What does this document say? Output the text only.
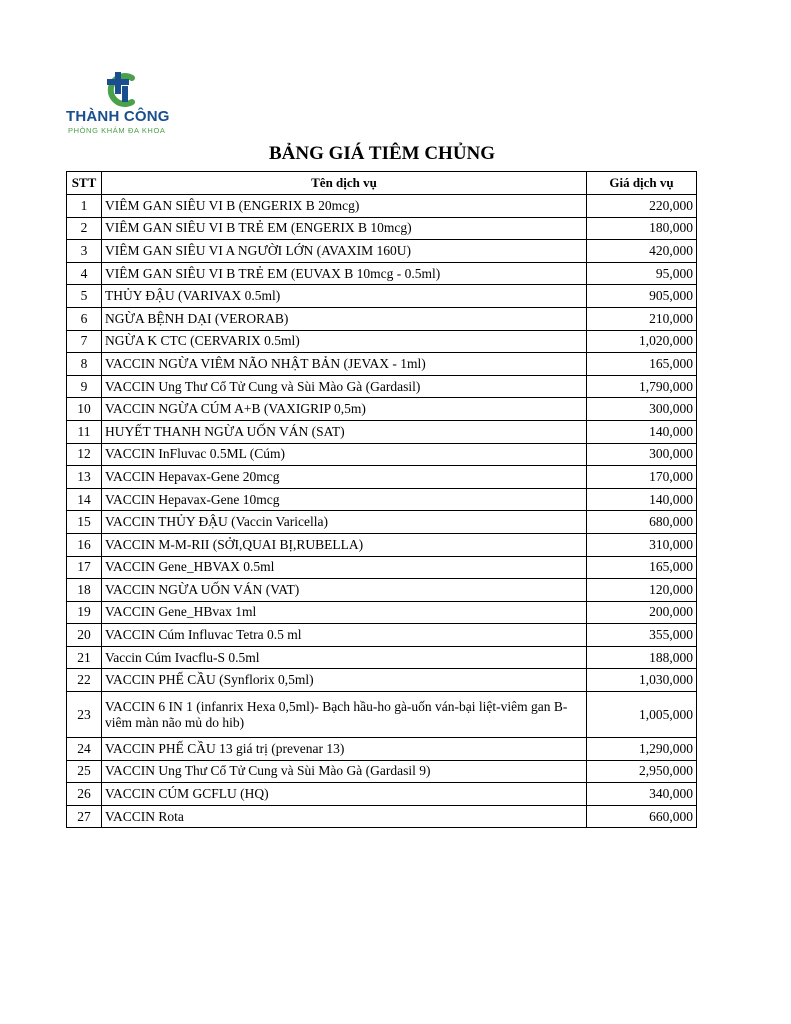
THÀNH CÔNG
PHÒNG KHÁM ĐA KHOA
BẢNG GIÁ TIÊM CHỦNG
STT	Tên dịch vụ	Giá dịch vụ
1	VIÊM GAN SIÊU VI B (ENGERIX B 20mcg)	220,000
2	VIÊM GAN SIÊU VI B TRẺ EM (ENGERIX B 10mcg)	180,000
3	VIÊM GAN SIÊU VI A NGƯỜI LỚN (AVAXIM 160U)	420,000
4	VIÊM GAN SIÊU VI B TRẺ EM (EUVAX B 10mcg - 0.5ml)	95,000
5	THỦY ĐẬU (VARIVAX 0.5ml)	905,000
6	NGỪA BỆNH DẠI (VERORAB)	210,000
7	NGỪA K CTC (CERVARIX 0.5ml)	1,020,000
8	VACCIN NGỪA VIÊM NÃO NHẬT BẢN (JEVAX - 1ml)	165,000
9	VACCIN Ung Thư Cổ Tử Cung và Sùi Mào Gà (Gardasil)	1,790,000
10	VACCIN NGỪA CÚM A+B (VAXIGRIP 0,5m)	300,000
11	HUYẾT THANH NGỪA UỐN VÁN (SAT)	140,000
12	VACCIN InFluvac 0.5ML (Cúm)	300,000
13	VACCIN Hepavax-Gene 20mcg	170,000
14	VACCIN Hepavax-Gene 10mcg	140,000
15	VACCIN THỦY ĐẬU (Vaccin Varicella)	680,000
16	VACCIN M-M-RII (SỞI,QUAI BỊ,RUBELLA)	310,000
17	VACCIN Gene_HBVAX 0.5ml	165,000
18	VACCIN NGỪA UỐN VÁN (VAT)	120,000
19	VACCIN Gene_HBvax 1ml	200,000
20	VACCIN Cúm Influvac Tetra 0.5 ml	355,000
21	Vaccin Cúm Ivacflu-S 0.5ml	188,000
22	VACCIN PHẾ CẦU (Synflorix 0,5ml)	1,030,000
23	VACCIN 6 IN 1 (infanrix Hexa 0,5ml)- Bạch hầu-ho gà-uốn ván-bại liệt-viêm gan B-viêm màn não mủ do hib)	1,005,000
24	VACCIN PHẾ CẦU 13 giá trị (prevenar 13)	1,290,000
25	VACCIN Ung Thư Cổ Tử Cung và Sùi Mào Gà (Gardasil 9)	2,950,000
26	VACCIN CÚM GCFLU (HQ)	340,000
27	VACCIN Rota	660,000
